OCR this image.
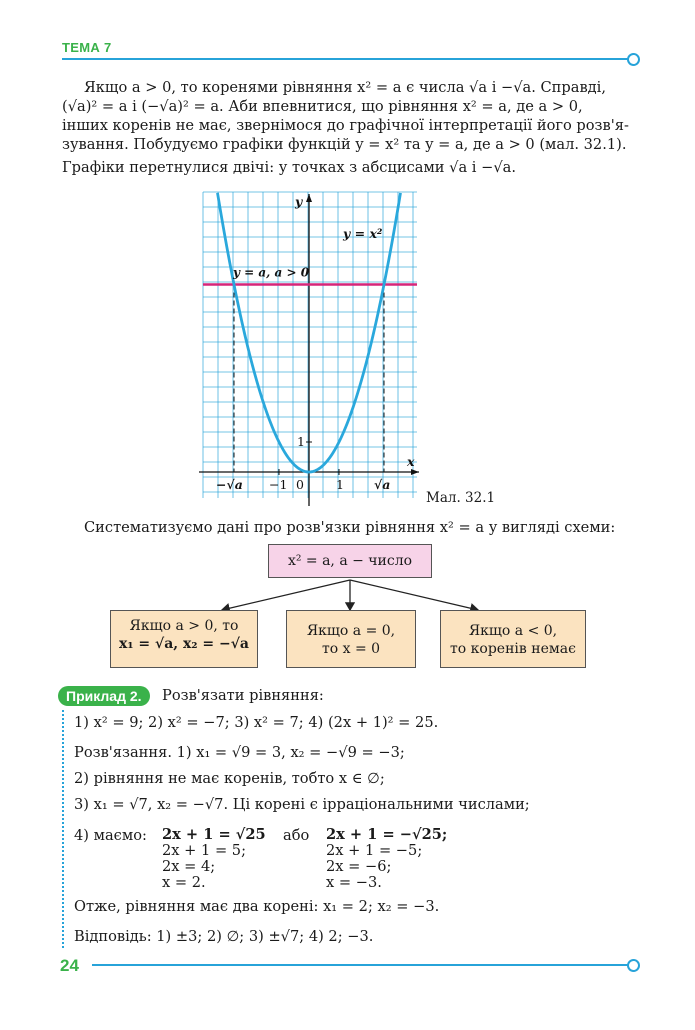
ТЕМА 7

Якщо a > 0, то коренями рівняння x² = a є числа √a і −√a. Справді,

(√a)² = a і (−√a)² = a. Аби впевнитися, що рівняння x² = a, де a > 0,

інших коренів не має, звернімося до графічної інтерпретації його розв'я-

зування. Побудуємо графіки функцій y = x² та y = a, де a > 0 (мал. 32.1).

Графіки перетнулися двічі: у точках з абсцисами √a і −√a.

y
x
y = x²
y = a, a > 0
−√a −1 0	1 √a
1
Мал. 32.1

Систематизуємо дані про розв'язки рівняння x² = a у вигляді схеми:

x² = a, a − число
Якщо a > 0, то
x₁ = √a, x₂ = −√a
Якщо a = 0,
то x = 0
Якщо a < 0,
то коренів немає
Приклад 2.	Розв'язати рівняння:
1) x² = 9; 2) x² = −7; 3) x² = 7; 4) (2x + 1)² = 25.
Розв'язання. 1) x₁ = √9 = 3, x₂ = −√9 = −3;
2) рівняння не має коренів, тобто x ∈ ∅;
3) x₁ = √7, x₂ = −√7. Ці корені є ірраціональними числами;
4) маємо: 2x + 1 = √25
2x + 1 = 5;
2x = 4;
x = 2.
або 2x + 1 = −√25;
2x + 1 = −5;
2x = −6;
x = −3.
Отже, рівняння має два корені: x₁ = 2; x₂ = −3.
Відповідь: 1) ±3; 2) ∅; 3) ±√7; 4) 2; −3.
24
